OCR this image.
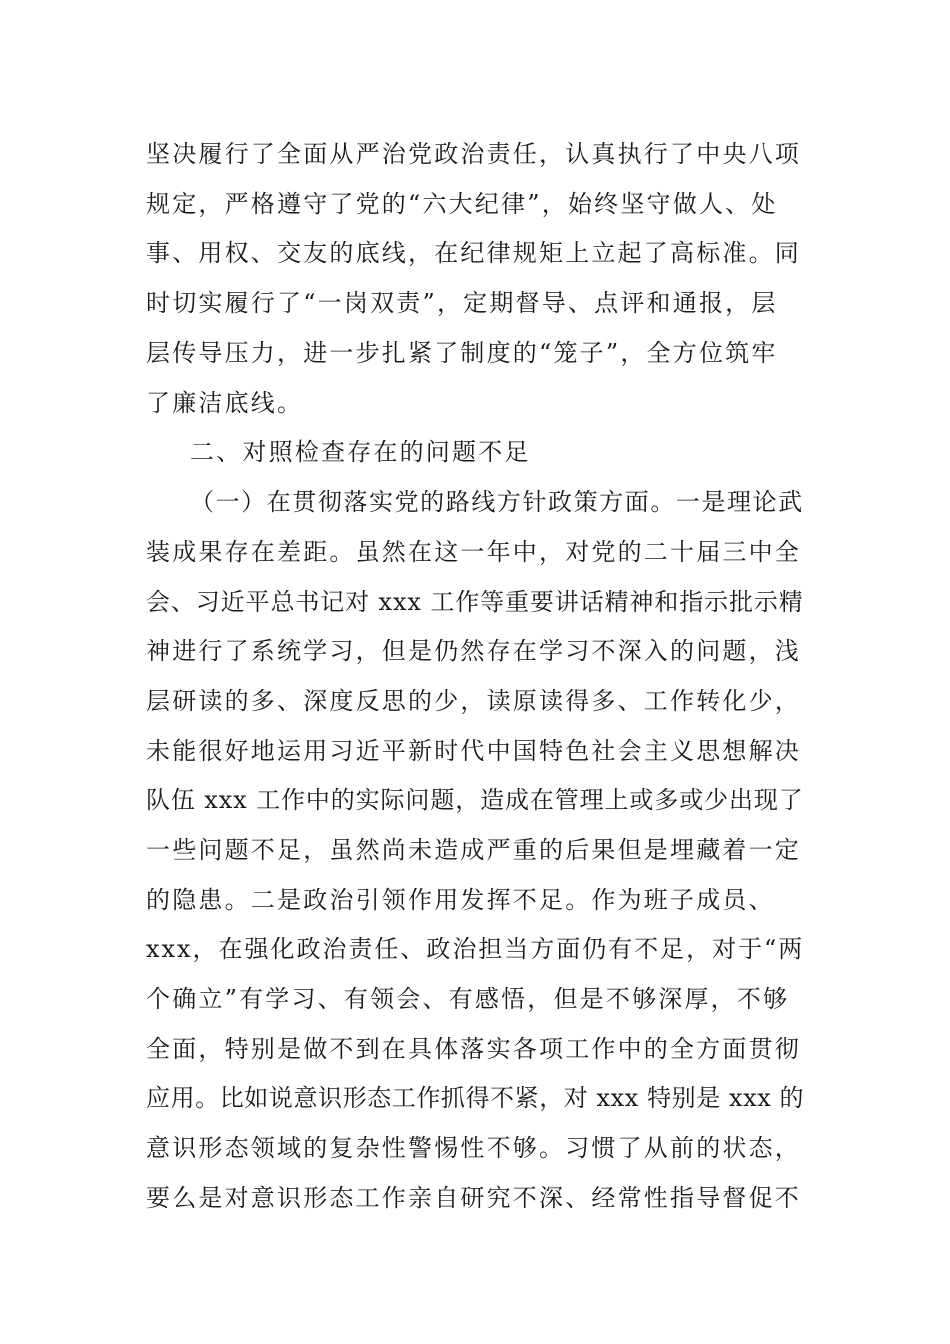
坚决履行了全面从严治党政治责任，认真执行了中央八项

规定，严格遵守了党的“六大纪律”，始终坚守做人、处

事、用权、交友的底线，在纪律规矩上立起了高标准。同

时切实履行了“一岗双责”，定期督导、点评和通报，层

层传导压力，进一步扎紧了制度的“笼子”，全方位筑牢

了廉洁底线。

二、对照检查存在的问题不足

（一）在贯彻落实党的路线方针政策方面。一是理论武

装成果存在差距。虽然在这一年中，对党的二十届三中全

会、习近平总书记对 xxx 工作等重要讲话精神和指示批示精

神进行了系统学习，但是仍然存在学习不深入的问题，浅

层研读的多、深度反思的少，读原读得多、工作转化少，

未能很好地运用习近平新时代中国特色社会主义思想解决

队伍 xxx 工作中的实际问题，造成在管理上或多或少出现了

一些问题不足，虽然尚未造成严重的后果但是埋藏着一定

的隐患。二是政治引领作用发挥不足。作为班子成员、

xxx，在强化政治责任、政治担当方面仍有不足，对于“两

个确立”有学习、有领会、有感悟，但是不够深厚，不够

全面，特别是做不到在具体落实各项工作中的全方面贯彻

应用。比如说意识形态工作抓得不紧，对 xxx 特别是 xxx 的

意识形态领域的复杂性警惕性不够。习惯了从前的状态，

要么是对意识形态工作亲自研究不深、经常性指导督促不
